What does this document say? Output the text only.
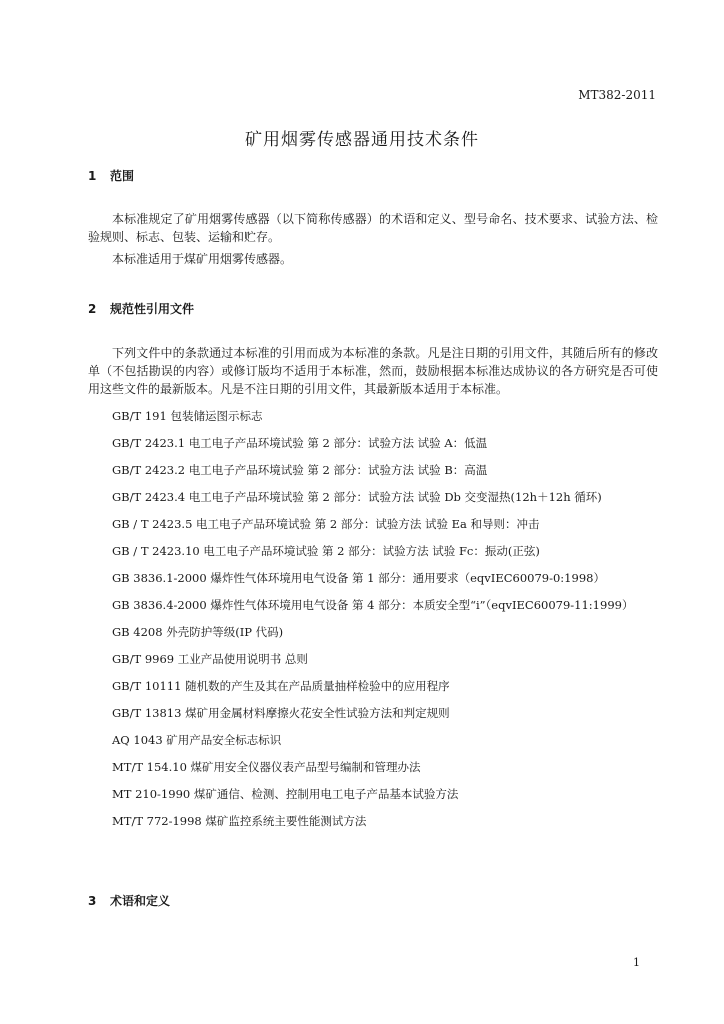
MT382-2011
矿用烟雾传感器通用技术条件
1 范围

本标准规定了矿用烟雾传感器（以下简称传感器）的术语和定义、型号命名、技术要求、试验方法、检验规则、标志、包装、运输和贮存。

本标准适用于煤矿用烟雾传感器。

2 规范性引用文件

下列文件中的条款通过本标准的引用而成为本标准的条款。凡是注日期的引用文件，其随后所有的修改单（不包括勘误的内容）或修订版均不适用于本标准，然而，鼓励根据本标准达成协议的各方研究是否可使用这些文件的最新版本。凡是不注日期的引用文件，其最新版本适用于本标准。

GB/T 191 包装储运图示标志
GB/T 2423.1 电工电子产品环境试验 第 2 部分：试验方法 试验 A：低温
GB/T 2423.2 电工电子产品环境试验 第 2 部分：试验方法 试验 B：高温
GB/T 2423.4 电工电子产品环境试验 第 2 部分：试验方法 试验 Db 交变湿热(12h＋12h 循环)
GB / T 2423.5 电工电子产品环境试验 第 2 部分：试验方法 试验 Ea 和导则：冲击
GB / T 2423.10 电工电子产品环境试验 第 2 部分：试验方法 试验 Fc：振动(正弦)
GB 3836.1-2000 爆炸性气体环境用电气设备 第 1 部分：通用要求（eqvIEC60079-0:1998）
GB 3836.4-2000 爆炸性气体环境用电气设备 第 4 部分：本质安全型“i”（eqvIEC60079-11:1999）
GB 4208 外壳防护等级(IP 代码)
GB/T 9969 工业产品使用说明书 总则
GB/T 10111 随机数的产生及其在产品质量抽样检验中的应用程序
GB/T 13813 煤矿用金属材料摩擦火花安全性试验方法和判定规则
AQ 1043 矿用产品安全标志标识
MT/T 154.10 煤矿用安全仪器仪表产品型号编制和管理办法
MT 210-1990 煤矿通信、检测、控制用电工电子产品基本试验方法
MT/T 772-1998 煤矿监控系统主要性能测试方法
3 术语和定义
1
